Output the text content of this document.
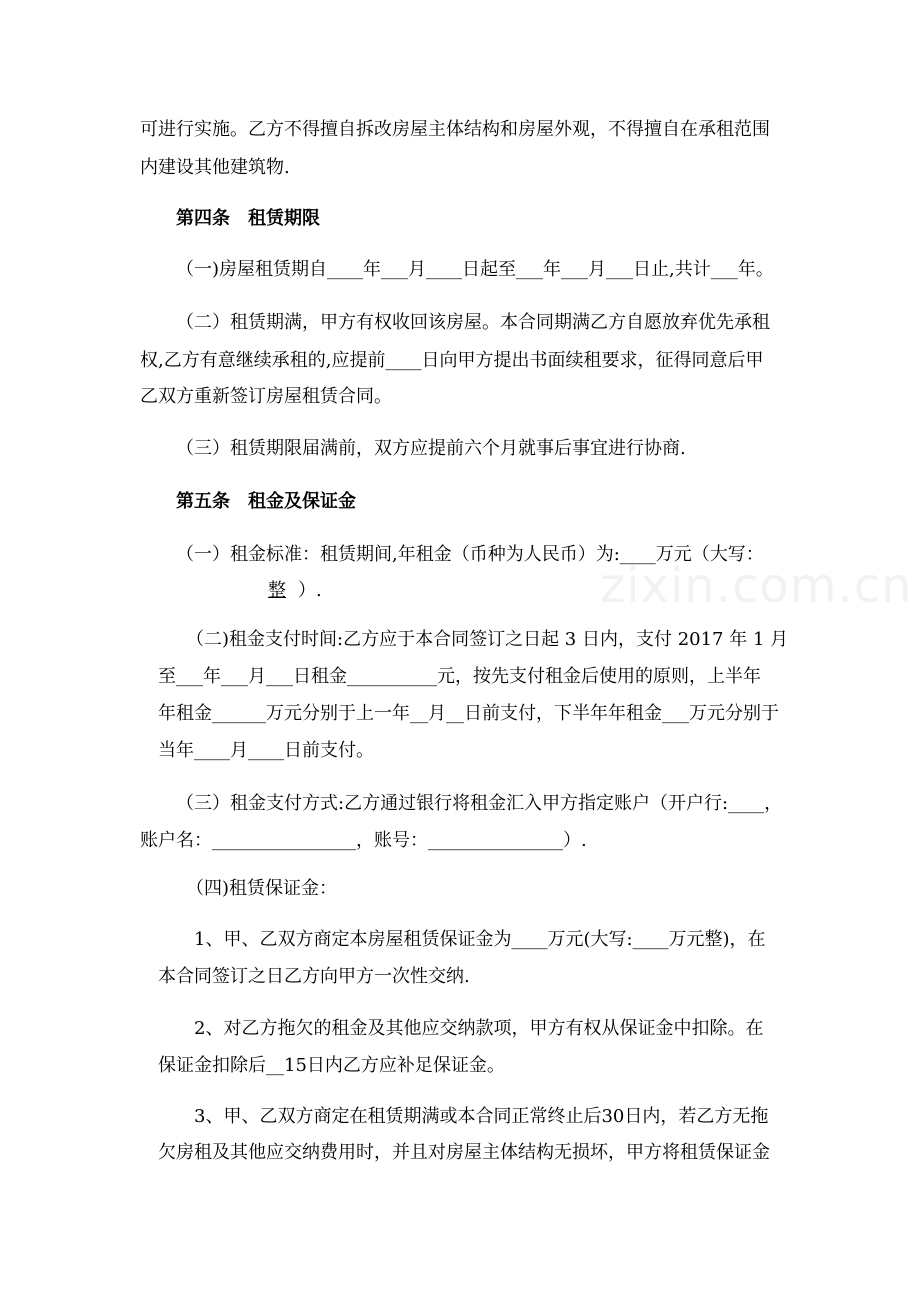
zixin.com.cn
可进行实施。乙方不得擅自拆改房屋主体结构和房屋外观，不得擅自在承租范围
内建设其他建筑物.
第四条　租赁期限
（一)房屋租赁期自____年___月____日起至___年___月___日止,共计___年。
（二）租赁期满，甲方有权收回该房屋。本合同期满乙方自愿放弃优先承租
权,乙方有意继续承租的,应提前____日向甲方提出书面续租要求，征得同意后甲
乙双方重新签订房屋租赁合同。
（三）租赁期限届满前，双方应提前六个月就事后事宜进行协商.
第五条　租金及保证金
（一）租金标准：租赁期间,年租金（币种为人民币）为:____万元（大写：
整 ）.
（二)租金支付时间:乙方应于本合同签订之日起 3 日内，支付 2017 年 1 月
至___年___月___日租金__________元，按先支付租金后使用的原则，上半年
年租金______万元分别于上一年__月__日前支付，下半年年租金___万元分别于
当年____月____日前支付。
（三）租金支付方式:乙方通过银行将租金汇入甲方指定账户（开户行:____，
账户名：________________，账号：_______________）.
（四)租赁保证金：
1、甲、乙双方商定本房屋租赁保证金为____万元(大写:____万元整)，在
本合同签订之日乙方向甲方一次性交纳.
2、对乙方拖欠的租金及其他应交纳款项，甲方有权从保证金中扣除。在
保证金扣除后__15日内乙方应补足保证金。
3、甲、乙双方商定在租赁期满或本合同正常终止后30日内，若乙方无拖
欠房租及其他应交纳费用时，并且对房屋主体结构无损坏，甲方将租赁保证金
